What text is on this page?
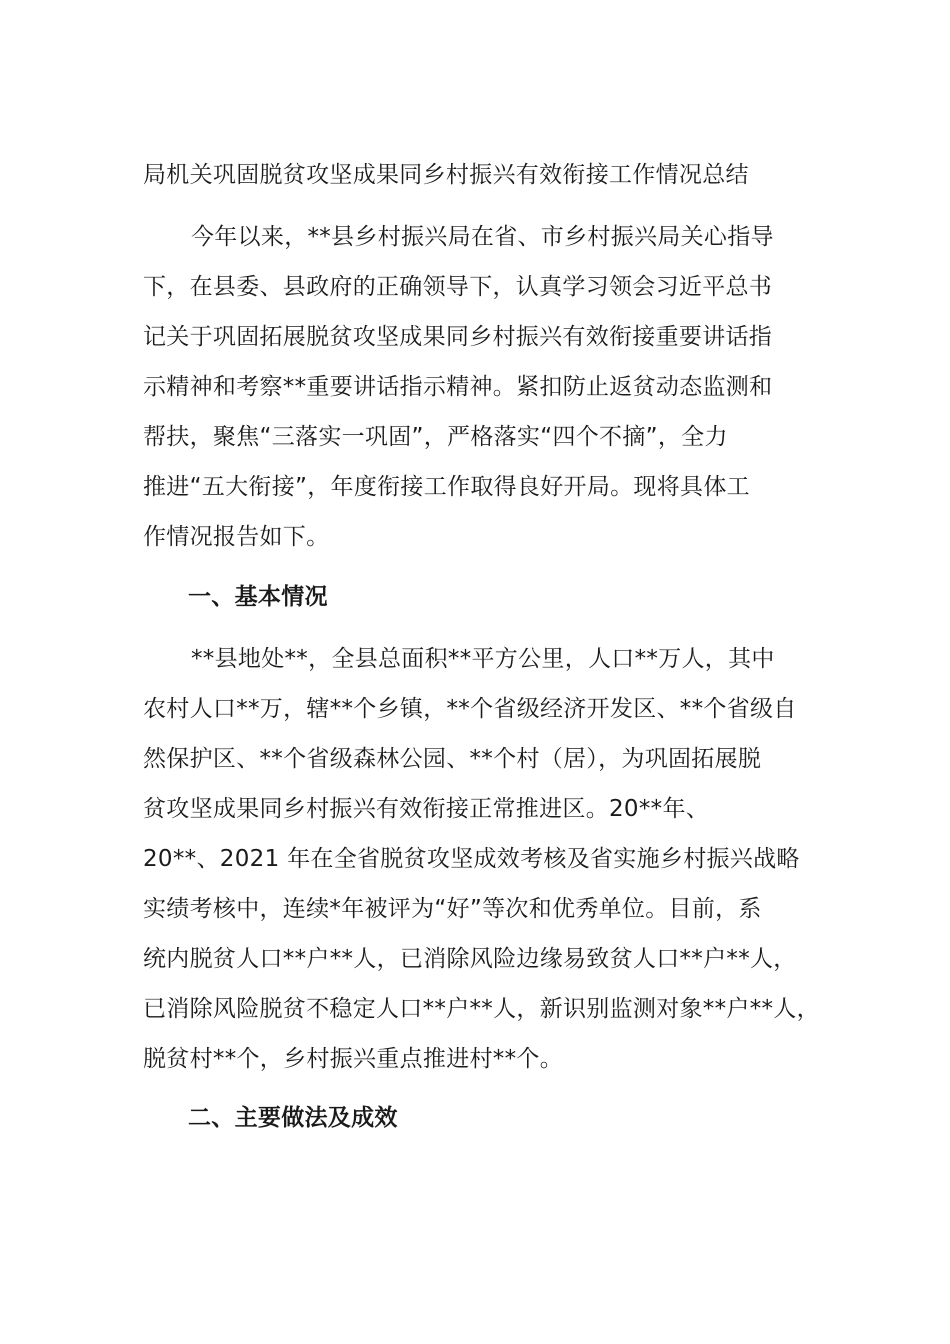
局机关巩固脱贫攻坚成果同乡村振兴有效衔接工作情况总结
今年以来，**县乡村振兴局在省、市乡村振兴局关心指导
下，在县委、县政府的正确领导下，认真学习领会习近平总书
记关于巩固拓展脱贫攻坚成果同乡村振兴有效衔接重要讲话指
示精神和考察**重要讲话指示精神。紧扣防止返贫动态监测和
帮扶，聚焦“三落实一巩固”，严格落实“四个不摘”，全力
推进“五大衔接”，年度衔接工作取得良好开局。现将具体工
作情况报告如下。
一、基本情况
**县地处**，全县总面积**平方公里，人口**万人，其中
农村人口**万，辖**个乡镇，**个省级经济开发区、**个省级自
然保护区、**个省级森林公园、**个村（居），为巩固拓展脱
贫攻坚成果同乡村振兴有效衔接正常推进区。20**年、
20**、2021 年在全省脱贫攻坚成效考核及省实施乡村振兴战略
实绩考核中，连续*年被评为“好”等次和优秀单位。目前，系
统内脱贫人口**户**人，已消除风险边缘易致贫人口**户**人，
已消除风险脱贫不稳定人口**户**人，新识别监测对象**户**人，
脱贫村**个，乡村振兴重点推进村**个。
二、主要做法及成效
